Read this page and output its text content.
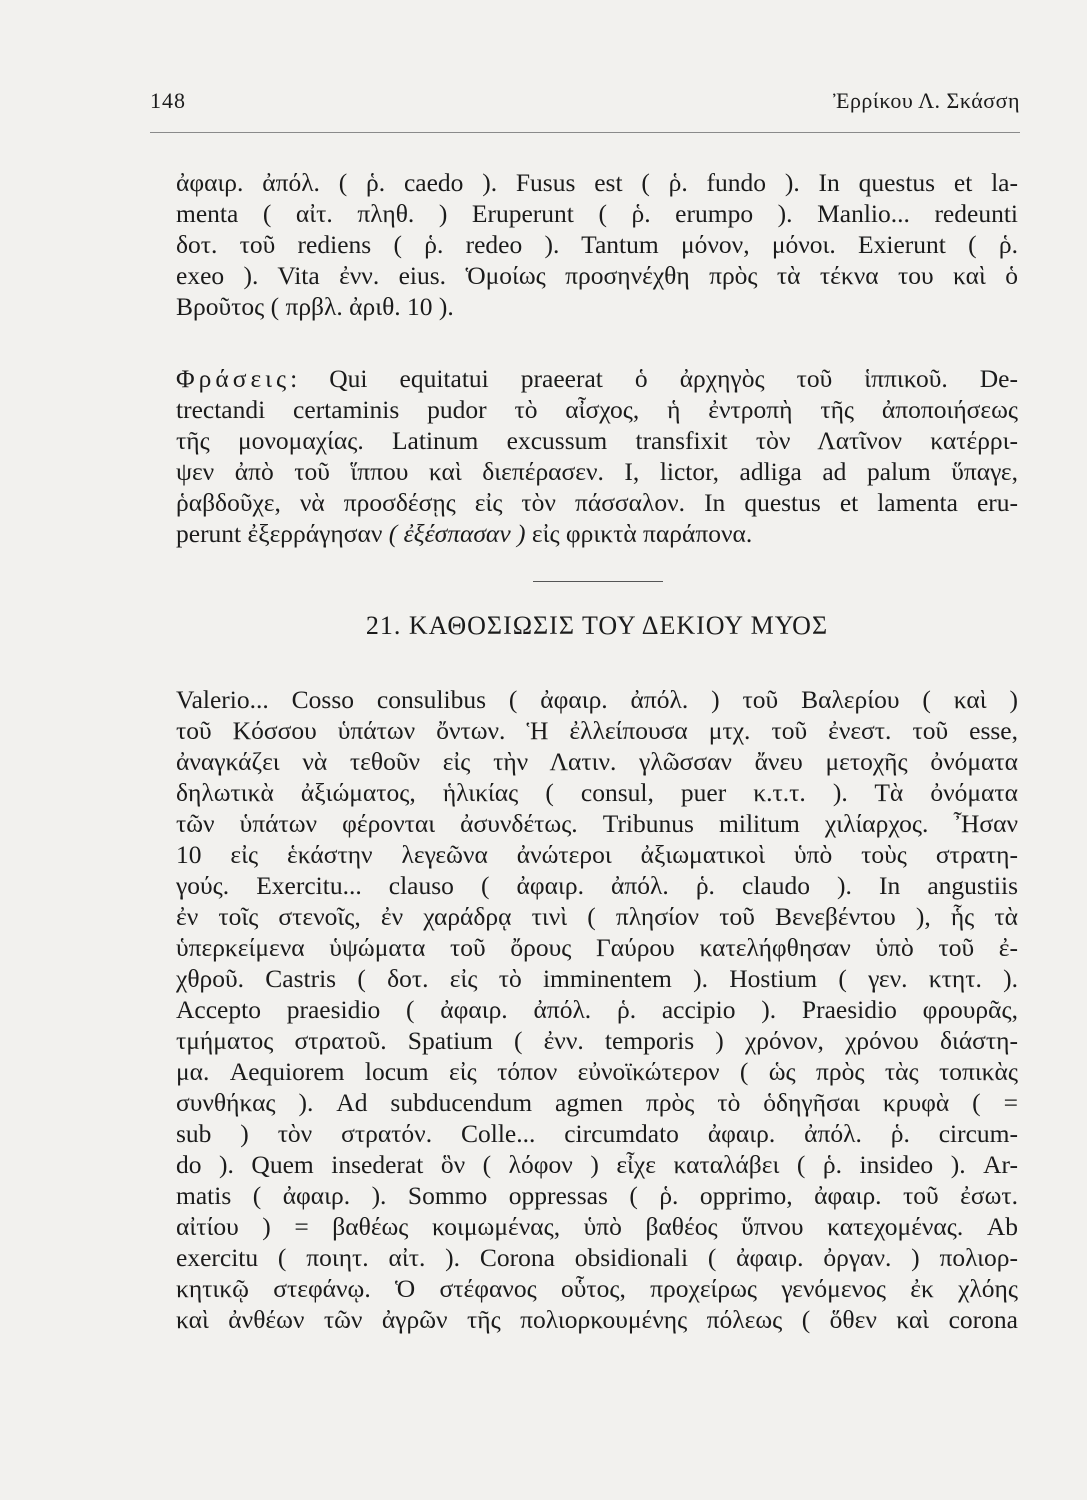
148	Ἐρρίκου Λ. Σκάσση
ἀφαιρ. ἀπόλ. ( ῥ. caedo ). Fusus est ( ῥ. fundo ). In questus et la-
menta ( αἰτ. πληθ. ) Eruperunt ( ῥ. erumpo ). Manlio... redeunti
δοτ. τοῦ rediens ( ῥ. redeo ). Tantum μόνον, μόνοι. Exierunt ( ῥ.
exeo ). Vita ἐνν. eius. Ὁμοίως προσηνέχθη πρὸς τὰ τέκνα του καὶ ὁ
Βροῦτος ( πρβλ. ἀριθ. 10 ).
Φράσεις: Qui equitatui praeerat ὁ ἀρχηγὸς τοῦ ἱππικοῦ. De-
trectandi certaminis pudor τὸ αἶσχος, ἡ ἐντροπὴ τῆς ἀποποιήσεως
τῆς μονομαχίας. Latinum excussum transfixit τὸν Λατῖνον κατέρρι-
ψεν ἀπὸ τοῦ ἵππου καὶ διεπέρασεν. I, lictor, adliga ad palum ὕπαγε,
ῥαβδοῦχε, νὰ προσδέσῃς εἰς τὸν πάσσαλον. In questus et lamenta eru-
perunt ἐξερράγησαν ( ἐξέσπασαν ) εἰς φρικτὰ παράπονα.
21. ΚΑΘΟΣΙΩΣΙΣ ΤΟΥ ΔΕΚΙΟΥ ΜΥΟΣ
Valerio... Cosso consulibus ( ἀφαιρ. ἀπόλ. ) τοῦ Βαλερίου ( καὶ )
τοῦ Κόσσου ὑπάτων ὄντων. Ἡ ἐλλείπουσα μτχ. τοῦ ἐνεστ. τοῦ esse,
ἀναγκάζει νὰ τεθοῦν εἰς τὴν Λατιν. γλῶσσαν ἄνευ μετοχῆς ὀνόματα
δηλωτικὰ ἀξιώματος, ἡλικίας ( consul, puer κ.τ.τ. ). Τὰ ὀνόματα
τῶν ὑπάτων φέρονται ἀσυνδέτως. Tribunus militum χιλίαρχος. Ἦσαν
10 εἰς ἑκάστην λεγεῶνα ἀνώτεροι ἀξιωματικοὶ ὑπὸ τοὺς στρατη-
γούς. Exercitu... clauso ( ἀφαιρ. ἀπόλ. ῥ. claudo ). In angustiis
ἐν τοῖς στενοῖς, ἐν χαράδρᾳ τινὶ ( πλησίον τοῦ Βενεβέντου ), ἧς τὰ
ὑπερκείμενα ὑψώματα τοῦ ὄρους Γαύρου κατελήφθησαν ὑπὸ τοῦ ἐ-
χθροῦ. Castris ( δοτ. εἰς τὸ imminentem ). Hostium ( γεν. κτητ. ).
Accepto praesidio ( ἀφαιρ. ἀπόλ. ῥ. accipio ). Praesidio φρουρᾶς,
τμήματος στρατοῦ. Spatium ( ἐνν. temporis ) χρόνον, χρόνου διάστη-
μα. Aequiorem locum εἰς τόπον εὐνοϊκώτερον ( ὡς πρὸς τὰς τοπικὰς
συνθήκας ). Ad subducendum agmen πρὸς τὸ ὁδηγῆσαι κρυφὰ ( =
sub ) τὸν στρατόν. Colle... circumdato ἀφαιρ. ἀπόλ. ῥ. circum-
do ). Quem insederat ὃν ( λόφον ) εἶχε καταλάβει ( ῥ. insideo ). Ar-
matis ( ἀφαιρ. ). Sommo oppressas ( ῥ. opprimo, ἀφαιρ. τοῦ ἐσωτ.
αἰτίου ) = βαθέως κοιμωμένας, ὑπὸ βαθέος ὕπνου κατεχομένας. Ab
exercitu ( ποιητ. αἰτ. ). Corona obsidionali ( ἀφαιρ. ὀργαν. ) πολιορ-
κητικῷ στεφάνῳ. Ὁ στέφανος οὗτος, προχείρως γενόμενος ἐκ χλόης
καὶ ἀνθέων τῶν ἀγρῶν τῆς πολιορκουμένης πόλεως ( ὅθεν καὶ corona
